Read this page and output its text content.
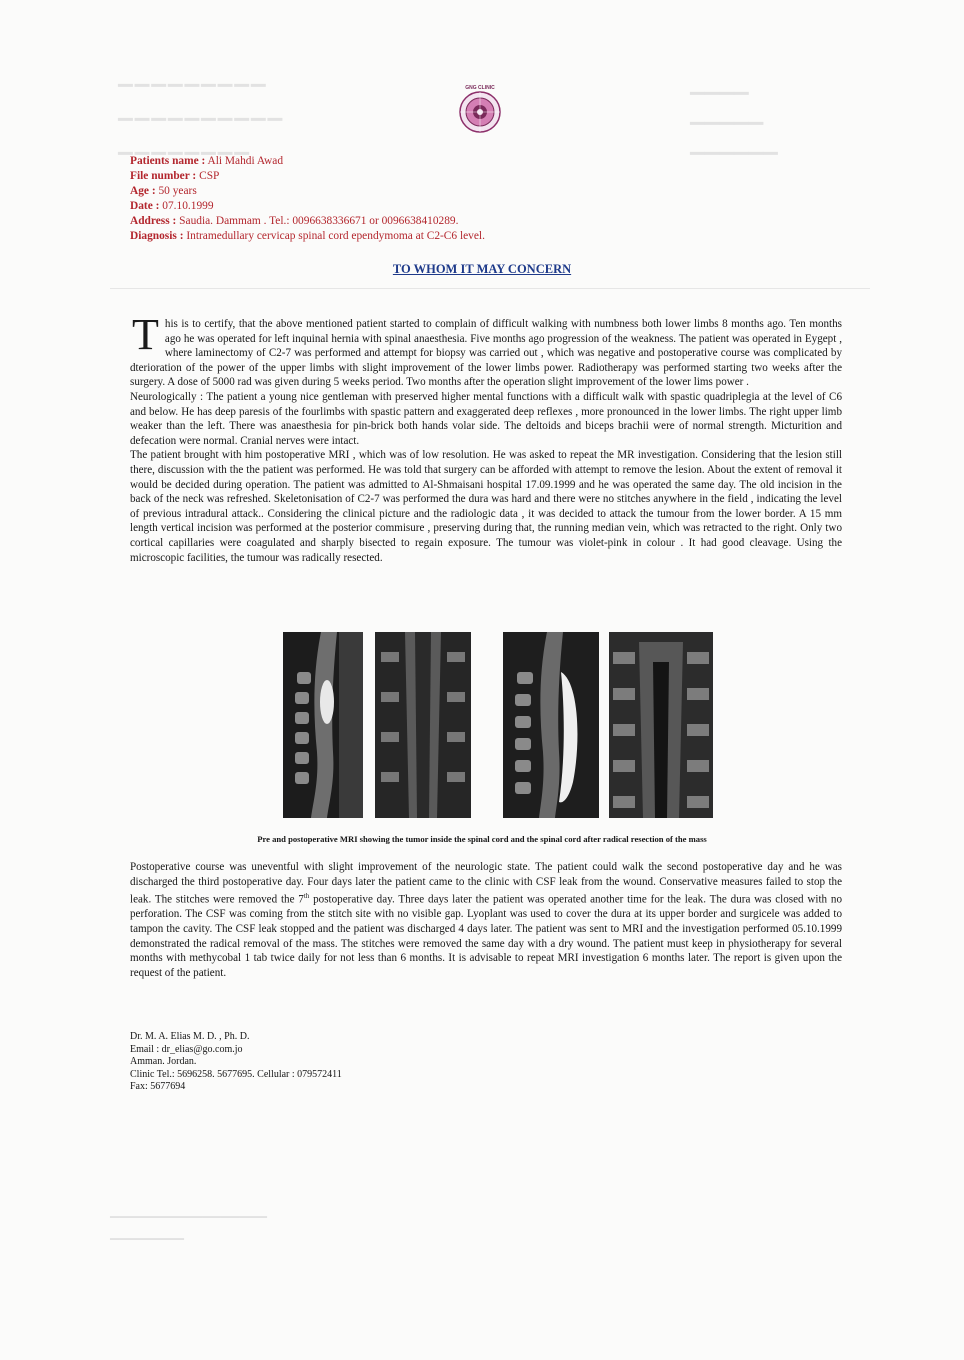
▁▁▁▁▁▁▁▁▁
▁▁▁▁▁▁▁▁▁▁
▁▁▁▁▁▁▁▁
▁▁▁▁
▁▁▁▁▁
▁▁▁▁▁▁
GNG CLINIC
Patients name : Ali Mahdi Awad
File number : CSP
Age : 50 years
Date : 07.10.1999
Address : Saudia. Dammam . Tel.: 0096638336671 or 0096638410289.
Diagnosis : Intramedullary cervicap spinal cord ependymoma at C2-C6 level.
TO WHOM IT MAY CONCERN

This is to certify, that the above mentioned patient started to complain of difficult walking with numbness both lower limbs 8 months ago. Ten months ago he was operated for left inquinal hernia with spinal anaesthesia. Five months ago progression of the weakness. The patient was operated in Eygept , where laminectomy of C2-7 was performed and attempt for biopsy was carried out , which was negative and postoperative course was complicated by dterioration of the power of the upper limbs with slight improvement of the lower limbs power. Radiotherapy was performed starting two weeks after the surgery. A dose of 5000 rad was given during 5 weeks period. Two months after the operation slight improvement of the lower lims power .

Neurologically : The patient a young nice gentleman with preserved higher mental functions with a difficult walk with spastic quadriplegia at the level of C6 and below. He has deep paresis of the fourlimbs with spastic pattern and exaggerated deep reflexes , more pronounced in the lower limbs. The right upper limb weaker than the left. There was anaesthesia for pin-brick both hands volar side. The deltoids and biceps brachii were of normal strength. Micturition and defecation were normal. Cranial nerves were intact.

The patient brought with him postoperative MRI , which was of low resolution. He was asked to repeat the MR investigation. Considering that the lesion still there, discussion with the the patient was performed. He was told that surgery can be afforded with attempt to remove the lesion. About the extent of removal it would be decided during operation. The patient was admitted to Al-Shmaisani hospital 17.09.1999 and he was operated the same day. The old incision in the back of the neck was refreshed. Skeletonisation of C2-7 was performed the dura was hard and there were no stitches anywhere in the field , indicating the level of previous intradural attack.. Considering the clinical picture and the radiologic data , it was decided to attack the tumour from the lower border. A 15 mm length vertical incision was performed at the posterior commisure , preserving during that, the running median vein, which was retracted to the right. Only two cortical capillaries were coagulated and sharply bisected to regain exposure. The tumour was violet-pink in colour . It had good cleavage. Using the microscopic facilities, the tumour was radically resected.

Pre and postoperative MRI showing the tumor inside the spinal cord and the spinal cord after radical resection of the mass

Postoperative course was uneventful with slight improvement of the neurologic state. The patient could walk the second postoperative day and he was discharged the third postoperative day. Four days later the patient came to the clinic with CSF leak from the wound. Conservative measures failed to stop the leak. The stitches were removed the 7th postoperative day. Three days later the patient was operated another time for the leak. The dura was closed with no perforation. The CSF was coming from the stitch site with no visible gap. Lyoplant was used to cover the dura at its upper border and surgicele was added to tampon the cavity. The CSF leak stopped and the patient was discharged 4 days later. The patient was sent to MRI and the investigation performed 05.10.1999 demonstrated the radical removal of the mass. The stitches were removed the same day with a dry wound. The patient must keep in physiotherapy for several months with methycobal 1 tab twice daily for not less than 6 months. It is advisable to repeat MRI investigation 6 months later. The report is given upon the request of the patient.

Dr. M. A. Elias M. D. , Ph. D.
Email : dr_elias@go.com.jo
Amman. Jordan.
Clinic Tel.: 5696258. 5677695. Cellular : 079572411
Fax: 5677694
▁▁▁▁▁▁▁▁▁▁▁▁▁▁▁▁▁
▁▁▁▁▁▁▁▁
